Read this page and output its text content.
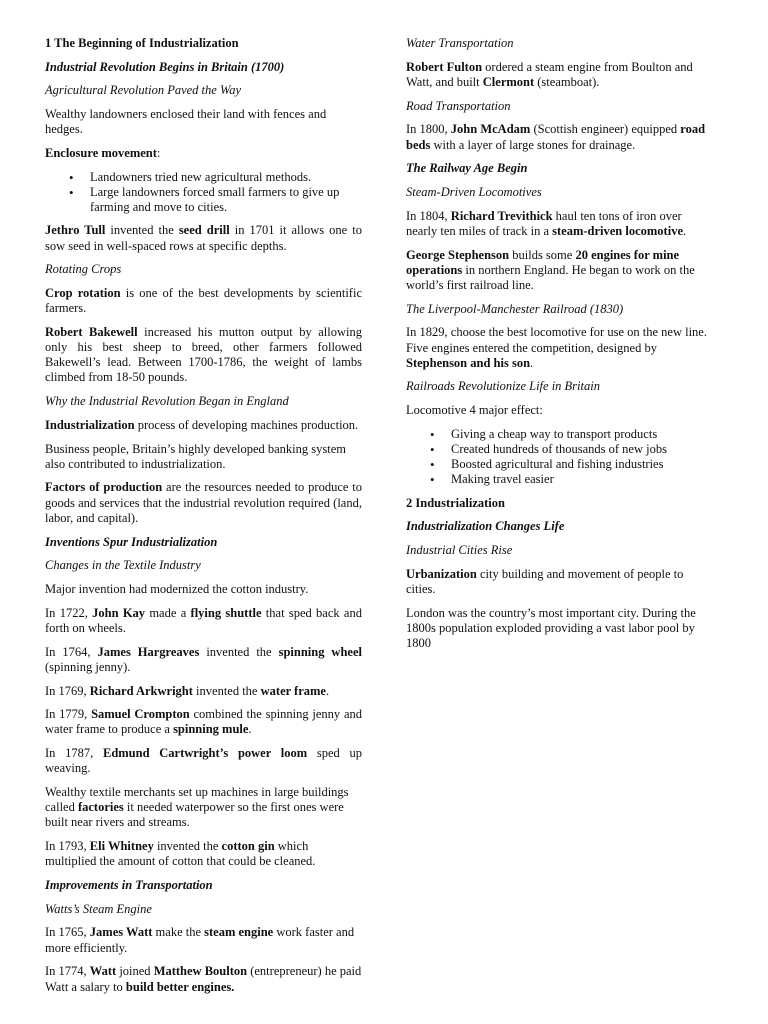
1 The Beginning of Industrialization

Industrial Revolution Begins in Britain (1700)

Agricultural Revolution Paved the Way

Wealthy landowners enclosed their land with fences and hedges.

Enclosure movement:

• Landowners tried new agricultural methods.
• Large landowners forced small farmers to give up farming and move to cities.

Jethro Tull invented the seed drill in 1701 it allows one to sow seed in well-spaced rows at specific depths.

Rotating Crops

Crop rotation is one of the best developments by scientific farmers.

Robert Bakewell increased his mutton output by allowing only his best sheep to breed, other farmers followed Bakewell’s lead. Between 1700-1786, the weight of lambs climbed from 18-50 pounds.

Why the Industrial Revolution Began in England

Industrialization process of developing machines production.

Business people, Britain’s highly developed banking system also contributed to industrialization.

Factors of production are the resources needed to produce to goods and services that the industrial revolution required (land, labor, and capital).

Inventions Spur Industrialization

Changes in the Textile Industry

Major invention had modernized the cotton industry.

In 1722, John Kay made a flying shuttle that sped back and forth on wheels.

In 1764, James Hargreaves invented the spinning wheel (spinning jenny).

In 1769, Richard Arkwright invented the water frame.

In 1779, Samuel Crompton combined the spinning jenny and water frame to produce a spinning mule.

In 1787, Edmund Cartwright’s power loom sped up weaving.

Wealthy textile merchants set up machines in large buildings called factories it needed waterpower so the first ones were built near rivers and streams.

In 1793, Eli Whitney invented the cotton gin which multiplied the amount of cotton that could be cleaned.

Improvements in Transportation

Watts’s Steam Engine

In 1765, James Watt make the steam engine work faster and more efficiently.

In 1774, Watt joined Matthew Boulton (entrepreneur) he paid Watt a salary to build better engines.

Water Transportation

Robert Fulton ordered a steam engine from Boulton and Watt, and built Clermont (steamboat).

Road Transportation

In 1800, John McAdam (Scottish engineer) equipped road beds with a layer of large stones for drainage.

The Railway Age Begin

Steam-Driven Locomotives

In 1804, Richard Trevithick haul ten tons of iron over nearly ten miles of track in a steam-driven locomotive.

George Stephenson builds some 20 engines for mine operations in northern England. He began to work on the world’s first railroad line.

The Liverpool-Manchester Railroad (1830)

In 1829, choose the best locomotive for use on the new line. Five engines entered the competition, designed by Stephenson and his son.

Railroads Revolutionize Life in Britain

Locomotive 4 major effect:

• Giving a cheap way to transport products
• Created hundreds of thousands of new jobs
• Boosted agricultural and fishing industries
• Making travel easier

2 Industrialization

Industrialization Changes Life

Industrial Cities Rise

Urbanization city building and movement of people to cities.

London was the country’s most important city. During the 1800s population exploded providing a vast labor pool by 1800
